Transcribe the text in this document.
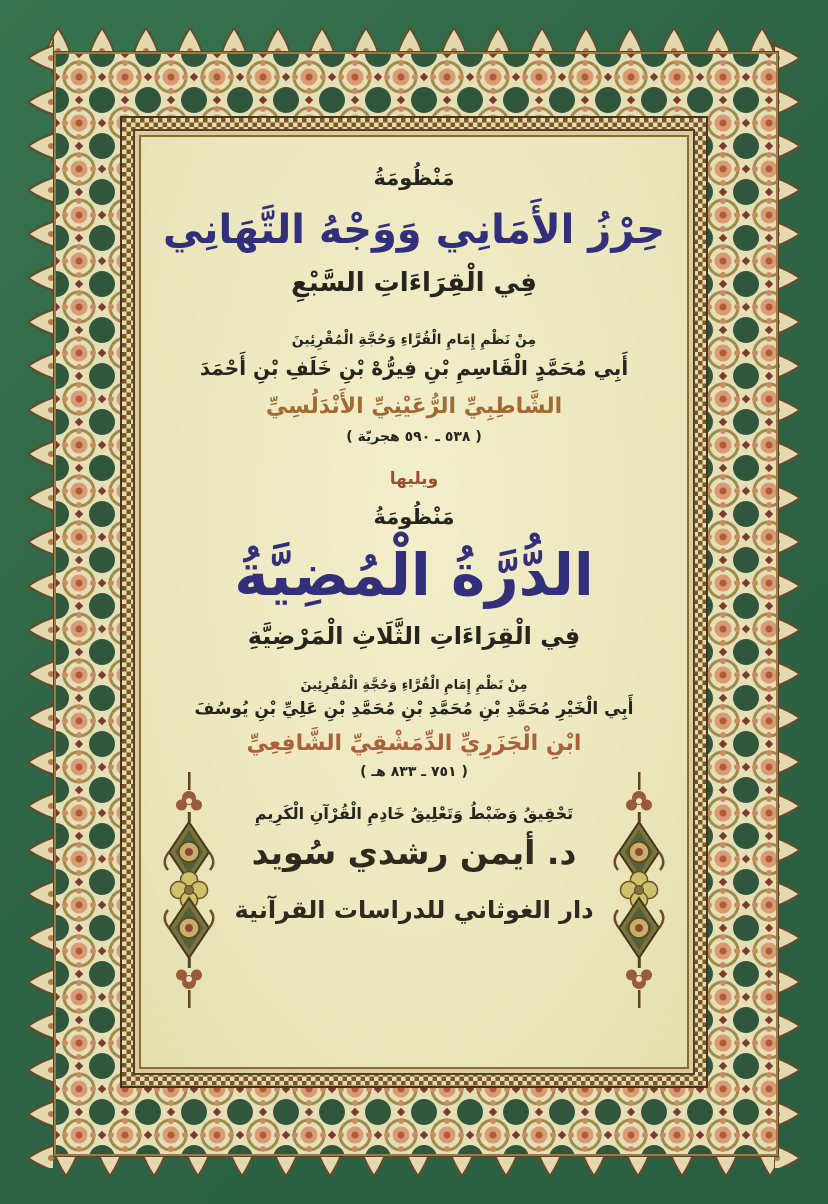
مَنْظُومَةُ
حِرْزُ الأَمَانِي وَوَجْهُ التَّهَانِي
فِي الْقِرَاءَاتِ السَّبْعِ
مِنْ نَظْمِ إِمَامِ الْقُرَّاءِ وَحُجَّةِ الْمُقْرِئِينَ
أَبِي مُحَمَّدٍ الْقَاسِمِ بْنِ فِيرُّهْ بْنِ خَلَفِ بْنِ أَحْمَدَ
الشَّاطِبِيِّ الرُّعَيْنِيِّ الأَنْدَلُسِيِّ
( ٥٣٨ ـ ٥٩٠ هجريّة )
ويليها
مَنْظُومَةُ
الدُّرَّةُ الْمُضِيَّةُ
فِي الْقِرَاءَاتِ الثَّلَاثِ الْمَرْضِيَّةِ
مِنْ نَظْمِ إِمَامِ الْقُرَّاءِ وَحُجَّةِ الْمُقْرِئِينَ
أَبِي الْخَيْرِ مُحَمَّدِ بْنِ مُحَمَّدِ بْنِ مُحَمَّدِ بْنِ عَلِيِّ بْنِ يُوسُفَ
ابْنِ الْجَزَرِيِّ الدِّمَشْقِيِّ الشَّافِعِيِّ
( ٧٥١ ـ ٨٣٣ هـ )
تَحْقِيقُ وَضَبْطُ وَتَعْلِيقُ خَادِمِ الْقُرْآنِ الْكَرِيمِ
د. أيمن رشدي سُويد
دار الغوثاني للدراسات القرآنية
